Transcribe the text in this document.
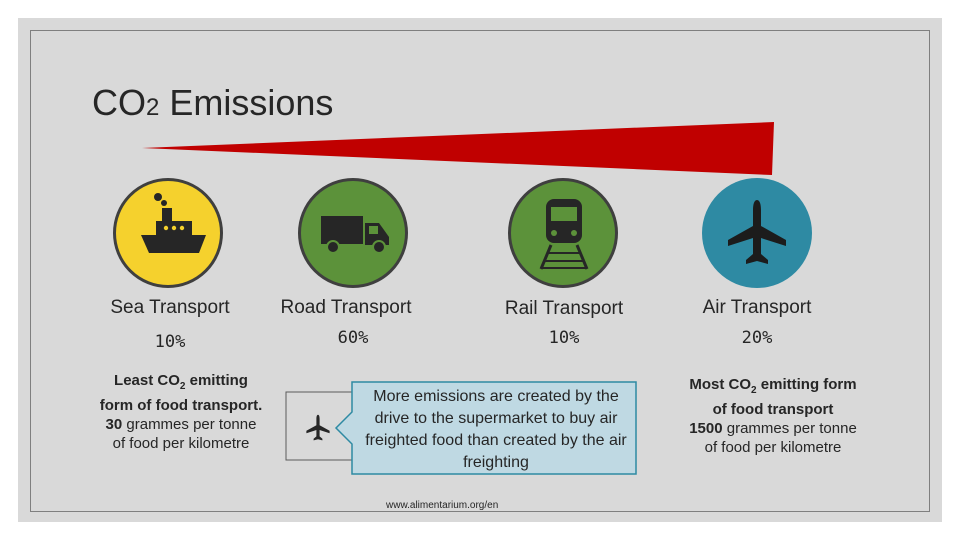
CO2 Emissions
Sea Transport	Road Transport	Rail Transport	Air Transport
10%	60%	10%	20%
Least $CO_2$ emitting
form of food transport.
30 grammes per tonne
of food per kilometre
Most $CO_2$ emitting form
of food transport
1500 grammes per tonne
of food per kilometre
More emissions are created by the drive to the supermarket to buy air freighted food than created by the air freighting
www.alimentarium.org/en
